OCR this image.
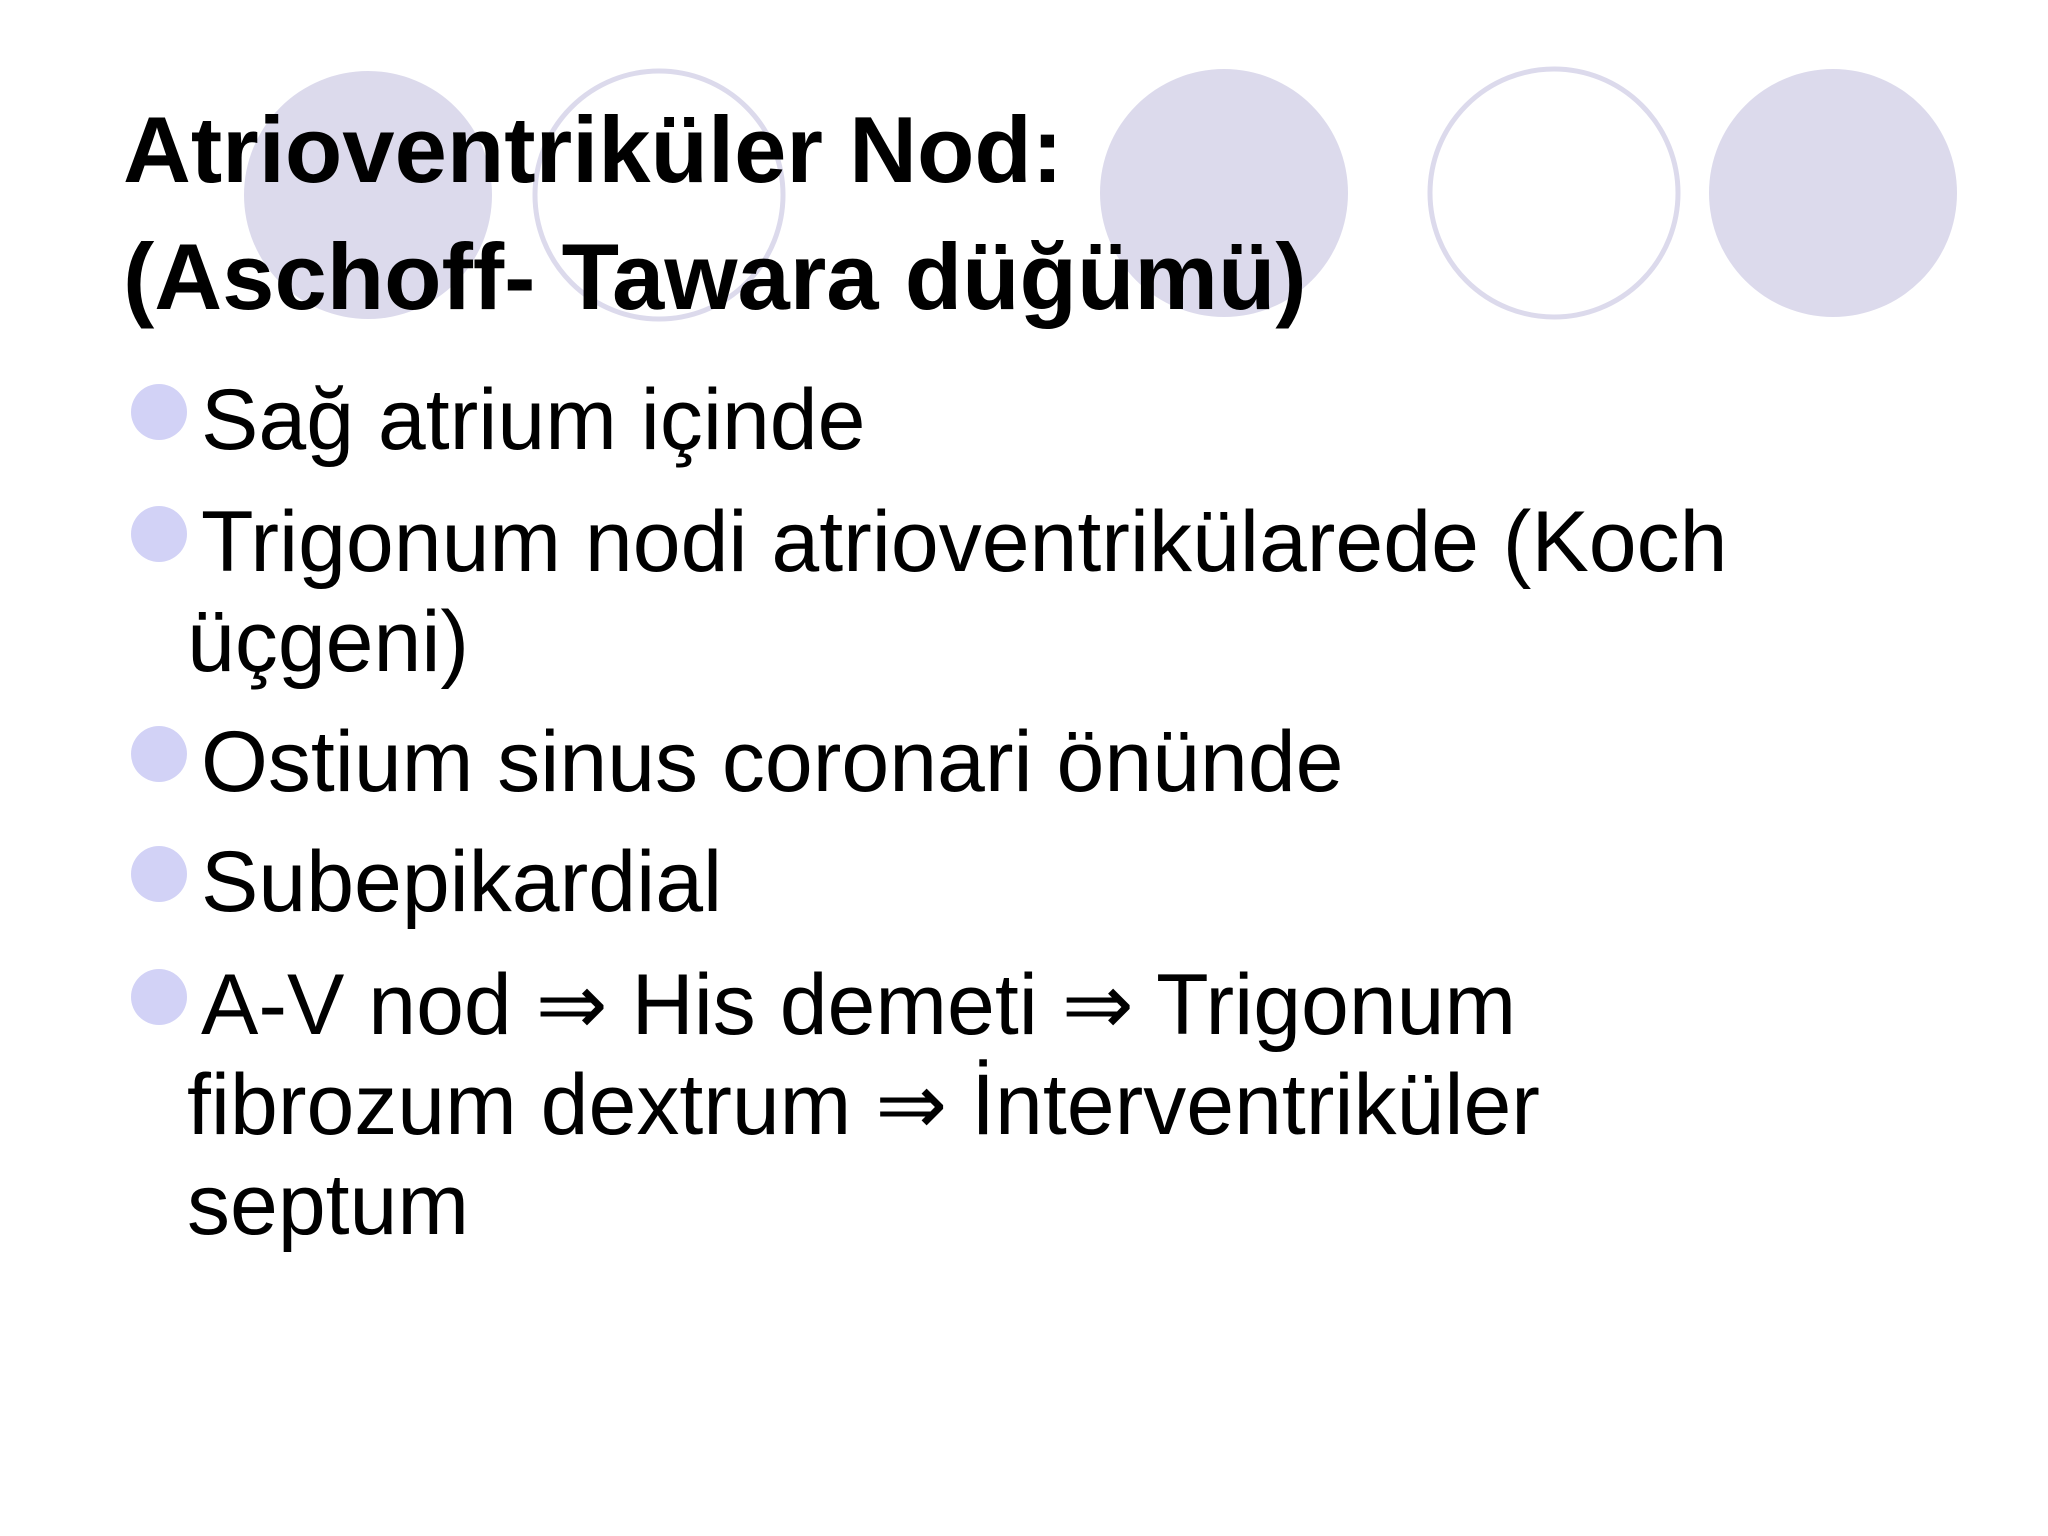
Atrioventriküler Nod:
(Aschoff- Tawara düğümü)

Sağ atrium içinde

Trigonum nodi atrioventrikülarede (Koch
üçgeni)

Ostium sinus coronari önünde

Subepikardial

A-V nod ⇒ His demeti ⇒ Trigonum
fibrozum dextrum ⇒ İnterventriküler
septum
